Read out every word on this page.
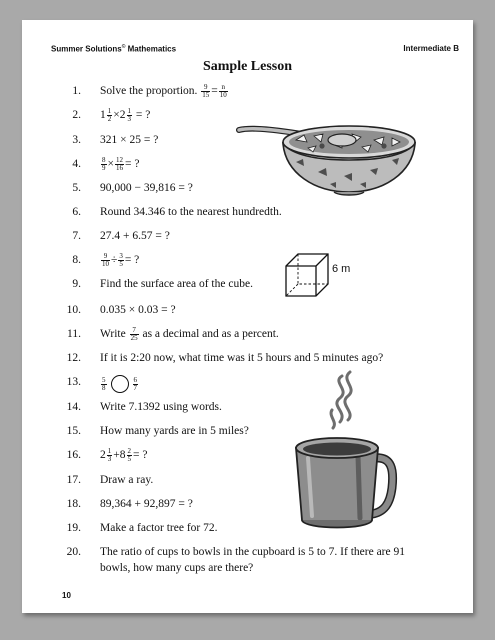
Summer Solutions© Mathematics	Intermediate B
Sample Lesson
1. Solve the proportion. $\frac{9}{15} = \frac{n}{10}$
2. $1 \frac{1}{2} \times 2 \frac{1}{3}$ = ?
3. 321 × 25 = ?
4.	$\frac{8}{9} \times \frac{12}{16}$ = ?
5. 90,000 − 39,816 = ?
6. Round 34.346 to the nearest hundredth.
7. 27.4 + 6.57 = ?
8.	$\frac{9}{10} \div \frac{3}{5}$ = ?
9. Find the surface area of the cube.
10. 0.035 × 0.03 = ?
11. Write $\frac{7}{25}$ as a decimal and as a percent.
12. If it is 2:20 now, what time was it 5 hours and 5 minutes ago?
13.	$\frac{5}{8}$	$\frac{6}{7}$
14. Write 7.1392 using words.
15. How many yards are in 5 miles?
16. $2 \frac{1}{3} +8 \frac{2}{5}$ = ?
17. Draw a ray.
18. 89,364 + 92,897 = ?
19. Make a factor tree for 72.
20. The ratio of cups to bowls in the cupboard is 5 to 7. If there are 91
bowls, how many cups are there?
6 m
10
